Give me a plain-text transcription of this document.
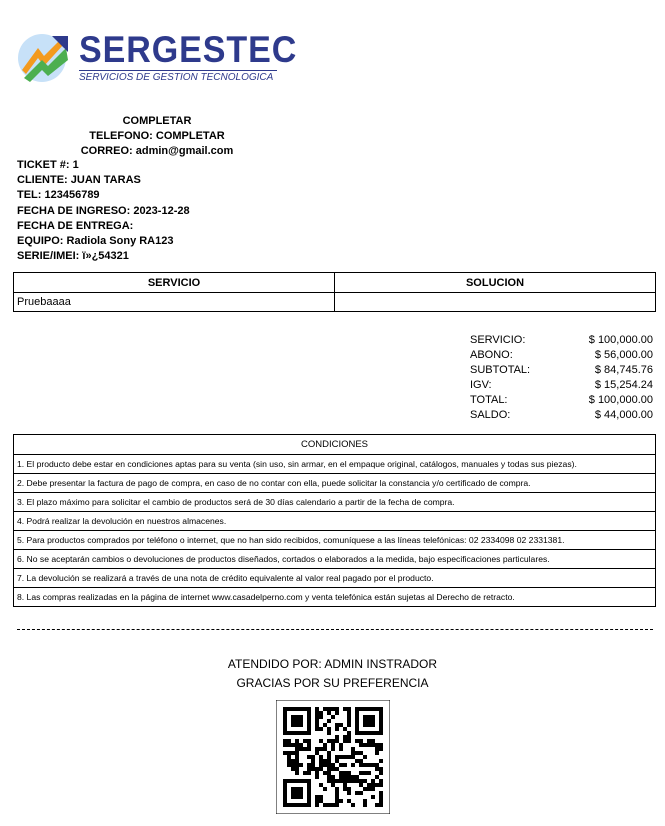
SERGESTEC
SERVICIOS DE GESTION TECNOLOGICA
COMPLETAR
TELEFONO: COMPLETAR
CORREO: admin@gmail.com
TICKET #: 1
CLIENTE: JUAN TARAS
TEL: 123456789
FECHA DE INGRESO: 2023-12-28
FECHA DE ENTREGA:
EQUIPO: Radiola Sony RA123
SERIE/IMEI: ï»¿54321
SERVICIO	SOLUCION
Pruebaaaa	
SERVICIO:	$ 100,000.00
ABONO:	$ 56,000.00
SUBTOTAL:	$ 84,745.76
IGV:	$ 15,254.24
TOTAL:	$ 100,000.00
SALDO:	$ 44,000.00
CONDICIONES
1. El producto debe estar en condiciones aptas para su venta (sin uso, sin armar, en el empaque original, catálogos, manuales y todas sus piezas).
2. Debe presentar la factura de pago de compra, en caso de no contar con ella, puede solicitar la constancia y/o certificado de compra.
3. El plazo máximo para solicitar el cambio de productos será de 30 días calendario a partir de la fecha de compra.
4. Podrá realizar la devolución en nuestros almacenes.
5. Para productos comprados por teléfono o internet, que no han sido recibidos, comuníquese a las líneas telefónicas: 02 2334098 02 2331381.
6. No se aceptarán cambios o devoluciones de productos diseñados, cortados o elaborados a la medida, bajo especificaciones particulares.
7. La devolución se realizará a través de una nota de crédito equivalente al valor real pagado por el producto.
8. Las compras realizadas en la página de internet www.casadelperno.com y venta telefónica están sujetas al Derecho de retracto.
ATENDIDO POR: ADMIN INSTRADOR
GRACIAS POR SU PREFERENCIA
